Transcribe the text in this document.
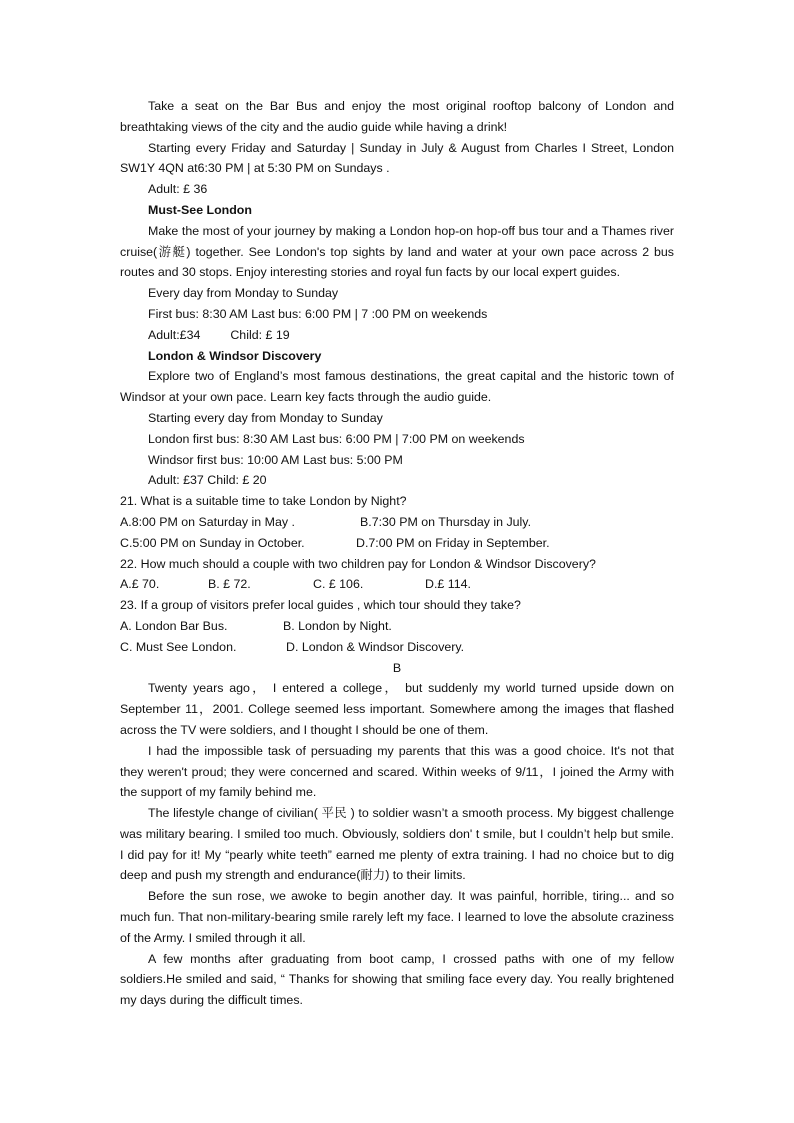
Take a seat on the Bar Bus and enjoy the most original rooftop balcony of London and breathtaking views of the city and the audio guide while having a drink!

Starting every Friday and Saturday | Sunday in July & August from Charles I Street, London SW1Y 4QN at6:30 PM | at 5:30 PM on Sundays .

Adult: £ 36

Must-See London

Make the most of your journey by making a London hop-on hop-off bus tour and a Thames river cruise(游艇) together. See London's top sights by land and water at your own pace across 2 bus routes and 30 stops. Enjoy interesting stories and royal fun facts by our local expert guides.

Every day from Monday to Sunday

First bus: 8:30 AM Last bus: 6:00 PM | 7 :00 PM on weekends

Adult:£34 Child: £ 19

London & Windsor Discovery

Explore two of England’s most famous destinations, the great capital and the historic town of Windsor at your own pace. Learn key facts through the audio guide.

Starting every day from Monday to Sunday

London first bus: 8:30 AM Last bus: 6:00 PM | 7:00 PM on weekends

Windsor first bus: 10:00 AM Last bus: 5:00 PM

Adult: £37 Child: £ 20

21. What is a suitable time to take London by Night?

A.8:00 PM on Saturday in May .	B.7:30 PM on Thursday in July.

C.5:00 PM on Sunday in October.	D.7:00 PM on Friday in September.

22. How much should a couple with two children pay for London & Windsor Discovery?

A.£ 70.	B. £ 72.	C. £ 106.	D.£ 114.

23. If a group of visitors prefer local guides , which tour should they take?

A. London Bar Bus.	B. London by Night.

C. Must See London.	D. London & Windsor Discovery.

B

Twenty years ago， I entered a college， but suddenly my world turned upside down on September 11，2001. College seemed less important. Somewhere among the images that flashed across the TV were soldiers, and I thought I should be one of them.

I had the impossible task of persuading my parents that this was a good choice. It's not that they weren't proud; they were concerned and scared. Within weeks of 9/11，I joined the Army with the support of my family behind me.

The lifestyle change of civilian( 平民 ) to soldier wasn’t a smooth process. My biggest challenge was military bearing. I smiled too much. Obviously, soldiers don' t smile, but I couldn’t help but smile. I did pay for it! My “pearly white teeth” earned me plenty of extra training. I had no choice but to dig deep and push my strength and endurance(耐力) to their limits.

Before the sun rose, we awoke to begin another day. It was painful, horrible, tiring... and so much fun. That non-military-bearing smile rarely left my face. I learned to love the absolute craziness of the Army. I smiled through it all.

A few months after graduating from boot camp, I crossed paths with one of my fellow soldiers.He smiled and said, “ Thanks for showing that smiling face every day. You really brightened my days during the difficult times.
